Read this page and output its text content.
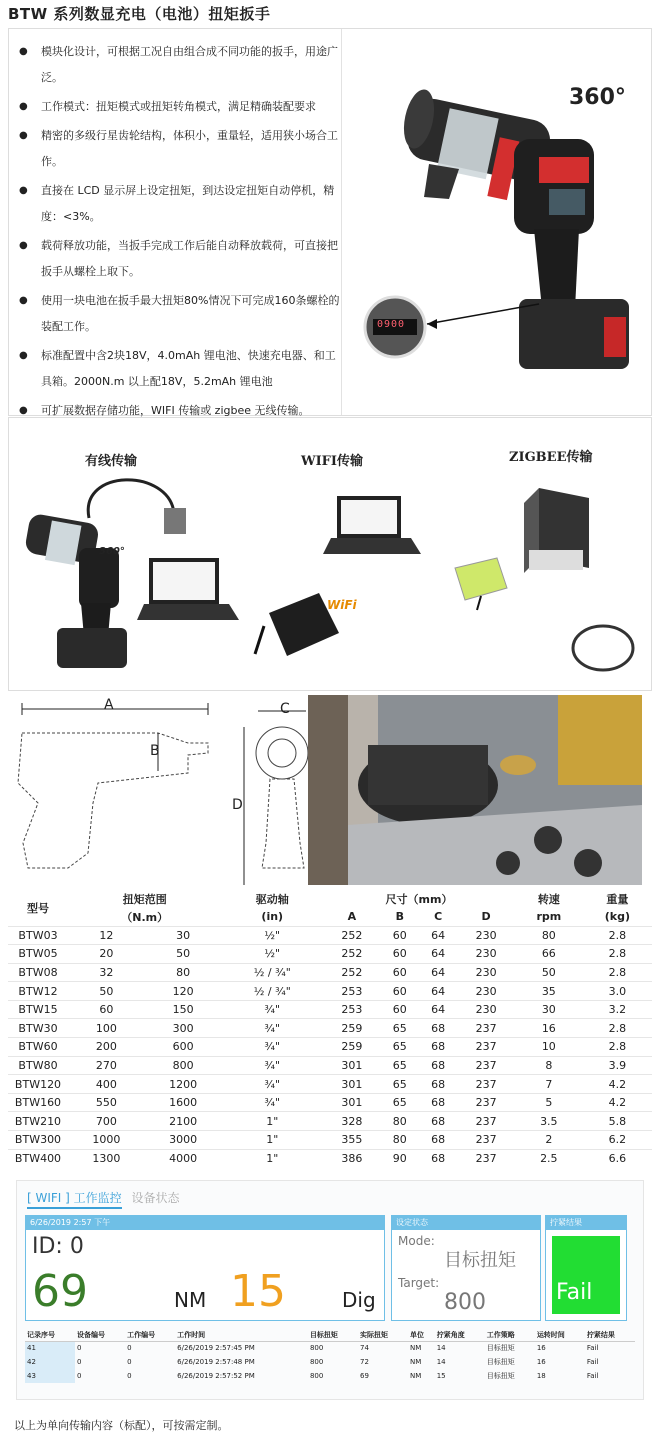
BTW 系列数显充电（电池）扭矩扳手
● 模块化设计，可根据工况自由组合成不同功能的扳手，用途广泛。
● 工作模式：扭矩模式或扭矩转角模式，满足精确装配要求
● 精密的多级行星齿轮结构，体积小，重量轻，适用狭小场合工作。
● 直接在 LCD 显示屏上设定扭矩，到达设定扭矩自动停机，精度：<3%。
● 载荷释放功能，当扳手完成工作后能自动释放载荷，可直接把扳手从螺栓上取下。
● 使用一块电池在扳手最大扭矩80%情况下可完成160条螺栓的装配工作。
● 标准配置中含2块18V，4.0mAh 锂电池、快速充电器、和工具箱。2000N.m 以上配18V，5.2mAh 锂电池
● 可扩展数据存储功能，WIFI 传输或 zigbee 无线传输。
360°
0900
有线传输	WIFI传输	ZIGBEE传输
360°
WiFi
A
B
C
D
型号	扭矩范围		驱动轴	尺寸（mm）				转速	重量
	（N.m）		(in)	A	B	C	D	rpm	(kg)
BTW03	12	30	½"	252	60	64	230	80	2.8
BTW05	20	50	½"	252	60	64	230	66	2.8
BTW08	32	80	½ / ¾"	252	60	64	230	50	2.8
BTW12	50	120	½ / ¾"	253	60	64	230	35	3.0
BTW15	60	150	¾"	253	60	64	230	30	3.2
BTW30	100	300	¾"	259	65	68	237	16	2.8
BTW60	200	600	¾"	259	65	68	237	10	2.8
BTW80	270	800	¾"	301	65	68	237	8	3.9
BTW120	400	1200	¾"	301	65	68	237	7	4.2
BTW160	550	1600	¾"	301	65	68	237	5	4.2
BTW210	700	2100	1"	328	80	68	237	3.5	5.8
BTW300	1000	3000	1"	355	80	68	237	2	6.2
BTW400	1300	4000	1"	386	90	68	237	2.5	6.6
[ WIFI ] 工作监控 设备状态
6/26/2019 2:57 下午
ID: 0
69	NM 15	Dig
设定状态
Mode:
目标扭矩
Target:
800
拧紧结果
Fail
记录序号	设备编号	工作编号	工作时间	目标扭矩	实际扭矩	单位	拧紧角度	工作策略	运转时间	拧紧结果
41	0	0	6/26/2019 2:57:45 PM	800	74	NM	14	目标扭矩	16	Fail
42	0	0	6/26/2019 2:57:48 PM	800	72	NM	14	目标扭矩	16	Fail
43	0	0	6/26/2019 2:57:52 PM	800	69	NM	15	目标扭矩	18	Fail
以上为单向传输内容（标配），可按需定制。
